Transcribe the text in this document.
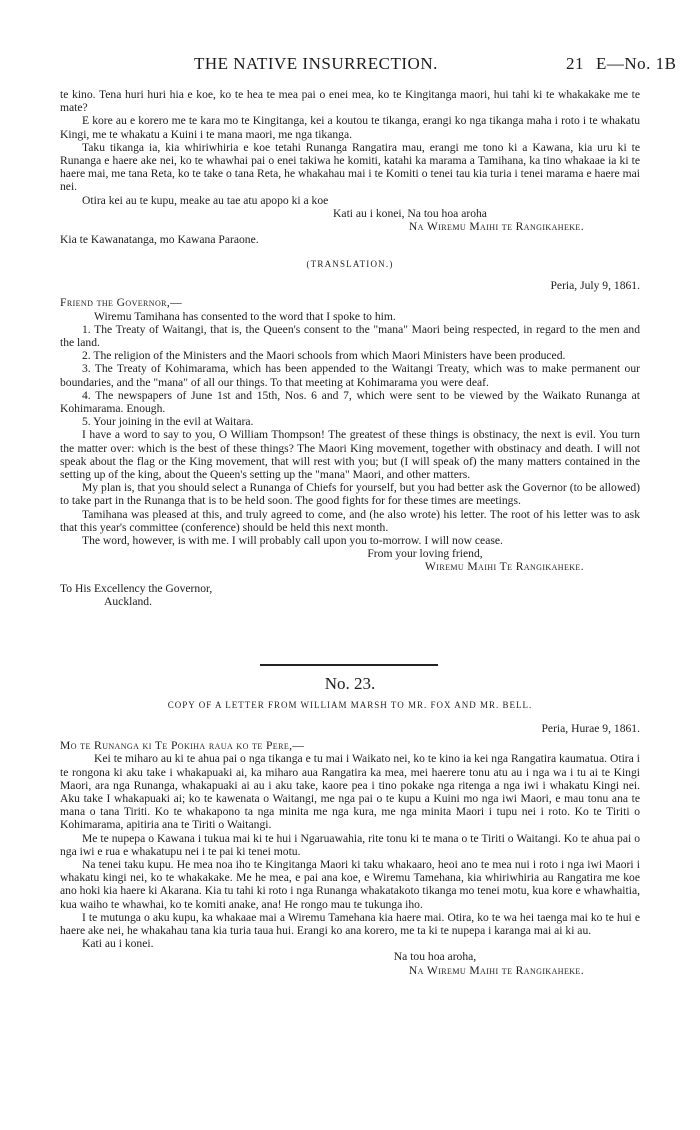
THE NATIVE INSURRECTION.	21 E—No. 1B

te kino. Tena huri huri hia e koe, ko te hea te mea pai o enei mea, ko te Kingitanga maori, hui tahi ki te whakakake me te mate?

E kore au e korero me te kara mo te Kingitanga, kei a koutou te tikanga, erangi ko nga tikanga maha i roto i te whakatu Kingi, me te whakatu a Kuini i te mana maori, me nga tikanga.

Taku tikanga ia, kia whiriwhiria e koe tetahi Runanga Rangatira mau, erangi me tono ki a Kawana, kia uru ki te Runanga e haere ake nei, ko te whawhai pai o enei takiwa he komiti, katahi ka marama a Tamihana, ka tino whakaae ia ki te haere mai, me tana Reta, ko te take o tana Reta, he whakahau mai i te Komiti o tenei tau kia turia i tenei marama e haere mai nei.

Otira kei au te kupu, meake au tae atu apopo ki a koe

Kati au i konei, Na tou hoa aroha

Na Wiremu Maihi te Rangikaheke.

Kia te Kawanatanga, mo Kawana Paraone.

(TRANSLATION.)

Peria, July 9, 1861.

Friend the Governor,—

Wiremu Tamihana has consented to the word that I spoke to him.

1. The Treaty of Waitangi, that is, the Queen's consent to the "mana" Maori being respected, in regard to the men and the land.

2. The religion of the Ministers and the Maori schools from which Maori Ministers have been produced.

3. The Treaty of Kohimarama, which has been appended to the Waitangi Treaty, which was to make permanent our boundaries, and the "mana" of all our things. To that meeting at Kohimarama you were deaf.

4. The newspapers of June 1st and 15th, Nos. 6 and 7, which were sent to be viewed by the Waikato Runanga at Kohimarama. Enough.

5. Your joining in the evil at Waitara.

I have a word to say to you, O William Thompson! The greatest of these things is obstinacy, the next is evil. You turn the matter over: which is the best of these things? The Maori King movement, together with obstinacy and death. I will not speak about the flag or the King movement, that will rest with you; but (I will speak of) the many matters contained in the setting up of the king, about the Queen's setting up the "mana" Maori, and other matters.

My plan is, that you should select a Runanga of Chiefs for yourself, but you had better ask the Governor (to be allowed) to take part in the Runanga that is to be held soon. The good fights for for these times are meetings.

Tamihana was pleased at this, and truly agreed to come, and (he also wrote) his letter. The root of his letter was to ask that this year's committee (conference) should be held this next month.

The word, however, is with me. I will probably call upon you to-morrow. I will now cease.

From your loving friend,

Wiremu Maihi Te Rangikaheke.

To His Excellency the Governor,

Auckland.

No. 23.
COPY OF A LETTER FROM WILLIAM MARSH TO MR. FOX AND MR. BELL.

Peria, Hurae 9, 1861.

Mo te Runanga ki Te Pokiha raua ko te Pere,—

Kei te miharo au ki te ahua pai o nga tikanga e tu mai i Waikato nei, ko te kino ia kei nga Rangatira kaumatua. Otira i te rongona ki aku take i whakapuaki ai, ka miharo aua Rangatira ka mea, mei haerere tonu atu au i nga wa i tu ai te Kingi Maori, ara nga Runanga, whakapuaki ai au i aku take, kaore pea i tino pokake nga ritenga a nga iwi i whakatu Kingi nei. Aku take I whakapuaki ai; ko te kawenata o Waitangi, me nga pai o te kupu a Kuini mo nga iwi Maori, e mau tonu ana te mana o tana Tiriti. Ko te whakapono ta nga minita me nga kura, me nga minita Maori i tupu nei i roto. Ko te Tiriti o Kohimarama, apitiria ana te Tiriti o Waitangi.

Me te nupepa o Kawana i tukua mai ki te hui i Ngaruawahia, rite tonu ki te mana o te Tiriti o Waitangi. Ko te ahua pai o nga iwi e rua e whakatupu nei i te pai ki tenei motu.

Na tenei taku kupu. He mea noa iho te Kingitanga Maori ki taku whakaaro, heoi ano te mea nui i roto i nga iwi Maori i whakatu kingi nei, ko te whakakake. Me he mea, e pai ana koe, e Wiremu Tamehana, kia whiriwhiria au Rangatira me koe ano hoki kia haere ki Akarana. Kia tu tahi ki roto i nga Runanga whakatakoto tikanga mo tenei motu, kua kore e whawhaitia, kua waiho te whawhai, ko te komiti anake, ana! He rongo mau te tukunga iho.

I te mutunga o aku kupu, ka whakaae mai a Wiremu Tamehana kia haere mai. Otira, ko te wa hei taenga mai ko te hui e haere ake nei, he whakahau tana kia turia taua hui. Erangi ko ana korero, me ta ki te nupepa i karanga mai ai ki au.

Kati au i konei.

Na tou hoa aroha,

Na Wiremu Maihi te Rangikaheke.
